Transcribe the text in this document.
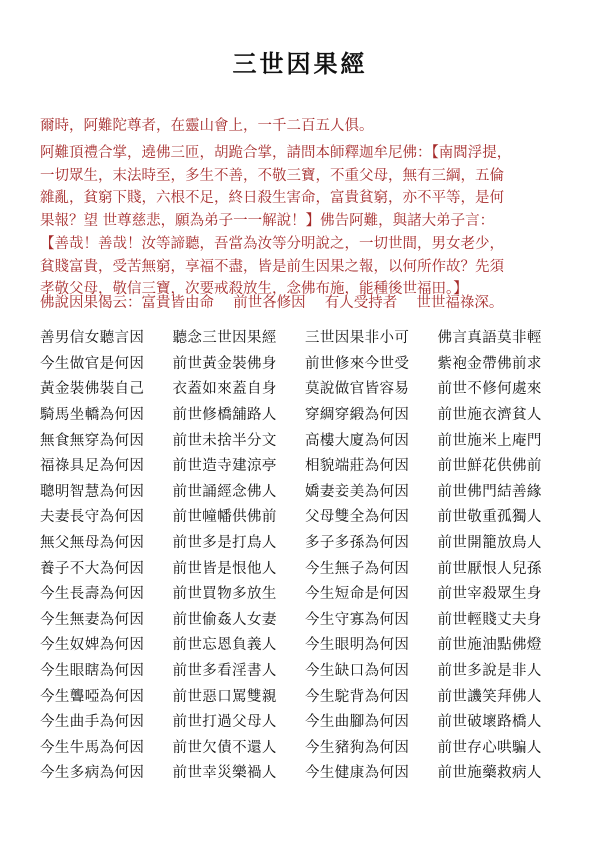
三世因果經
爾時，阿難陀尊者，在靈山會上，一千二百五人俱。
阿難頂禮合掌，遶佛三匝，胡跪合掌，請問本師釋迦牟尼佛：【南閻浮提，
一切眾生，末法時至，多生不善，不敬三寶，不重父母，無有三綱，五倫
雜亂，貧窮下賤，六根不足，終日殺生害命，富貴貧窮，亦不平等，是何
果報？望 世尊慈悲，願為弟子一一解說！】佛告阿難，與諸大弟子言：
【善哉！善哉！汝等諦聽，吾當為汝等分明說之，一切世間，男女老少，
貧賤富貴，受苦無窮，享福不盡，皆是前生因果之報，以何所作故？先須
孝敬父母，敬信三寶，次要戒殺放生，念佛布施，能種後世福田。】
佛說因果偈云：富貴皆由命　 前世各修因　 有人受持者　 世世福祿深。
善男信女聽言因	聽念三世因果經	三世因果非小可	佛言真語莫非輕
今生做官是何因	前世黃金裝佛身	前世修來今世受	紫袍金帶佛前求
黃金裝佛裝自己	衣蓋如來蓋自身	莫說做官皆容易	前世不修何處來
騎馬坐轎為何因	前世修橋舖路人	穿綢穿緞為何因	前世施衣濟貧人
無食無穿為何因	前世未捨半分文	高樓大廈為何因	前世施米上庵門
福祿具足為何因	前世造寺建涼亭	相貌端莊為何因	前世鮮花供佛前
聰明智慧為何因	前世誦經念佛人	嬌妻妾美為何因	前世佛門結善緣
夫妻長守為何因	前世幢幡供佛前	父母雙全為何因	前世敬重孤獨人
無父無母為何因	前世多是打鳥人	多子多孫為何因	前世開籠放鳥人
養子不大為何因	前世皆是恨他人	今生無子為何因	前世厭恨人兒孫
今生長壽為何因	前世買物多放生	今生短命是何因	前世宰殺眾生身
今生無妻為何因	前世偷姦人女妻	今生守寡為何因	前世輕賤丈夫身
今生奴婢為何因	前世忘恩負義人	今生眼明為何因	前世施油點佛燈
今生眼瞎為何因	前世多看淫書人	今生缺口為何因	前世多說是非人
今生聾啞為何因	前世惡口罵雙親	今生駝背為何因	前世譏笑拜佛人
今生曲手為何因	前世打過父母人	今生曲腳為何因	前世破壞路橋人
今生牛馬為何因	前世欠債不還人	今生豬狗為何因	前世存心哄騙人
今生多病為何因	前世幸災樂禍人	今生健康為何因	前世施藥救病人
